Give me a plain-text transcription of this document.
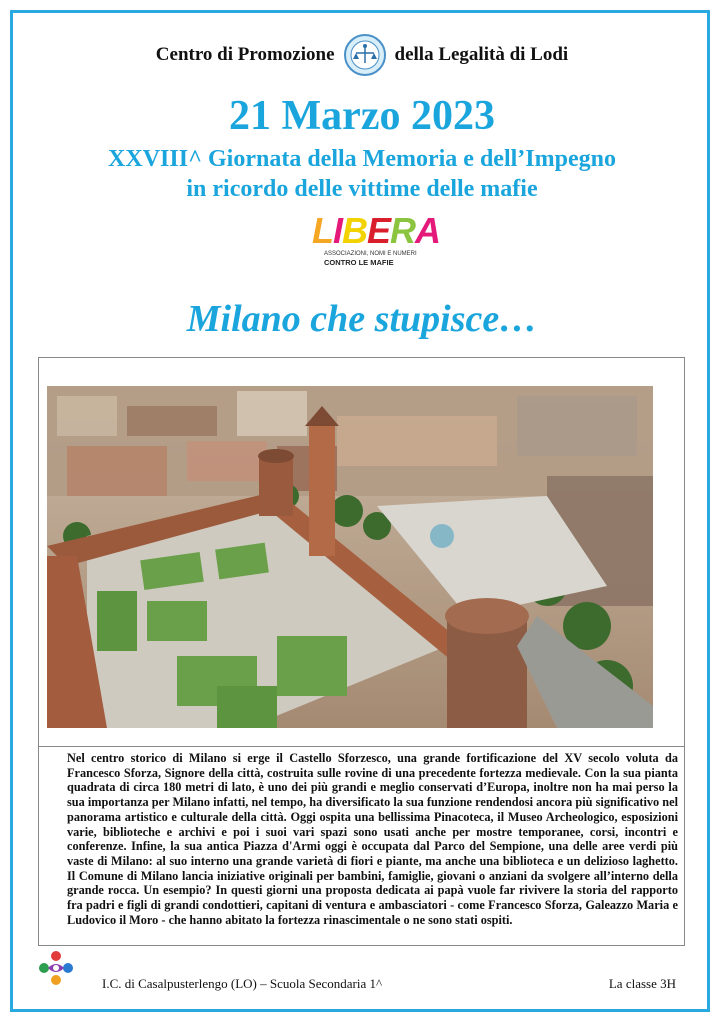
Centro di Promozione	della Legalità di Lodi
21 Marzo 2023
XXVIII^ Giornata della Memoria e dell’Impegno
in ricordo delle vittime delle mafie
LIBERA
ASSOCIAZIONI, NOMI E NUMERI
CONTRO LE MAFIE
Milano che stupisce…

Nel centro storico di Milano si erge il Castello Sforzesco, una grande fortificazione del XV secolo voluta da Francesco Sforza, Signore della città, costruita sulle rovine di una precedente fortezza medievale. Con la sua pianta quadrata di circa 180 metri di lato, è uno dei più grandi e meglio conservati d’Europa, inoltre non ha mai perso la sua importanza per Milano infatti, nel tempo, ha diversificato la sua funzione rendendosi ancora più significativo nel panorama artistico e culturale della città. Oggi ospita una bellissima Pinacoteca, il Museo Archeologico, esposizioni varie, biblioteche e archivi e poi i suoi vari spazi sono usati anche per mostre temporanee, corsi, incontri e conferenze. Infine, la sua antica Piazza d'Armi oggi è occupata dal Parco del Sempione, una delle aree verdi più vaste di Milano: al suo interno una grande varietà di fiori e piante, ma anche una biblioteca e un delizioso laghetto. Il Comune di Milano lancia iniziative originali per bambini, famiglie, giovani o anziani da svolgere all’interno della grande rocca. Un esempio? In questi giorni una proposta dedicata ai papà vuole far rivivere la storia del rapporto fra padri e figli di grandi condottieri, capitani di ventura e ambasciatori - come Francesco Sforza, Galeazzo Maria e Ludovico il Moro - che hanno abitato la fortezza rinascimentale o ne sono stati ospiti.

I.C. di Casalpusterlengo (LO) – Scuola Secondaria 1^	La classe 3H
